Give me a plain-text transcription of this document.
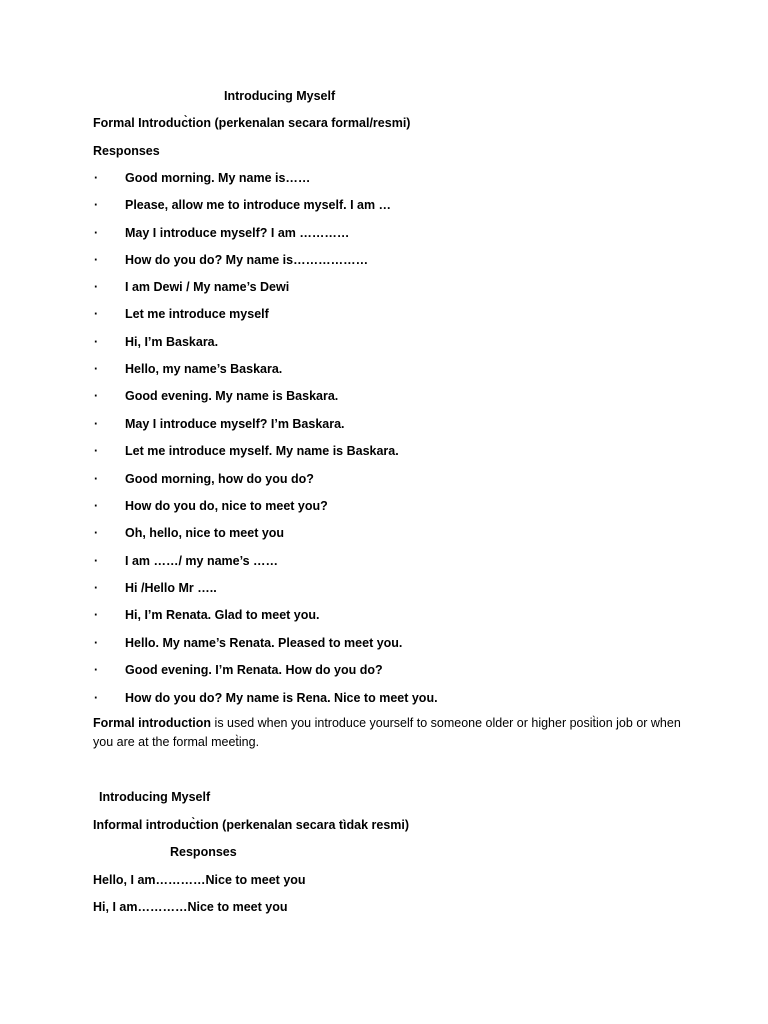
Introducing Myself
Formal Introduc̀tion (perkenalan secara formal/resmi)
Responses
· Good morning. My name is……
· Please, allow me to introduce myself. I am …
· May I introduce myself? I am …………
· How do you do? My name is………………
· I am Dewi / My name’s Dewi
· Let me introduce myself
· Hi, I’m Baskara.
· Hello, my name’s Baskara.
· Good evening. My name is Baskara.
· May I introduce myself? I’m Baskara.
· Let me introduce myself. My name is Baskara.
· Good morning, how do you do?
· How do you do, nice to meet you?
· Oh, hello, nice to meet you
· I am ……/ my name’s ……
· Hi /Hello Mr …..
· Hi, I’m Renata. Glad to meet you.
· Hello. My name’s Renata. Pleased to meet you.
· Good evening. I’m Renata. How do you do?
· How do you do? My name is Rena. Nice to meet you.
Formal introduction is used when you introduce yourself to someone older or higher posit̀ion job or when you are at the formal meet̀ing.
Introducing Myself
Informal introduc̀tion (perkenalan secara tìdak resmi)
Responses
Hello, I am…………Nice to meet you
Hi, I am…………Nice to meet you
